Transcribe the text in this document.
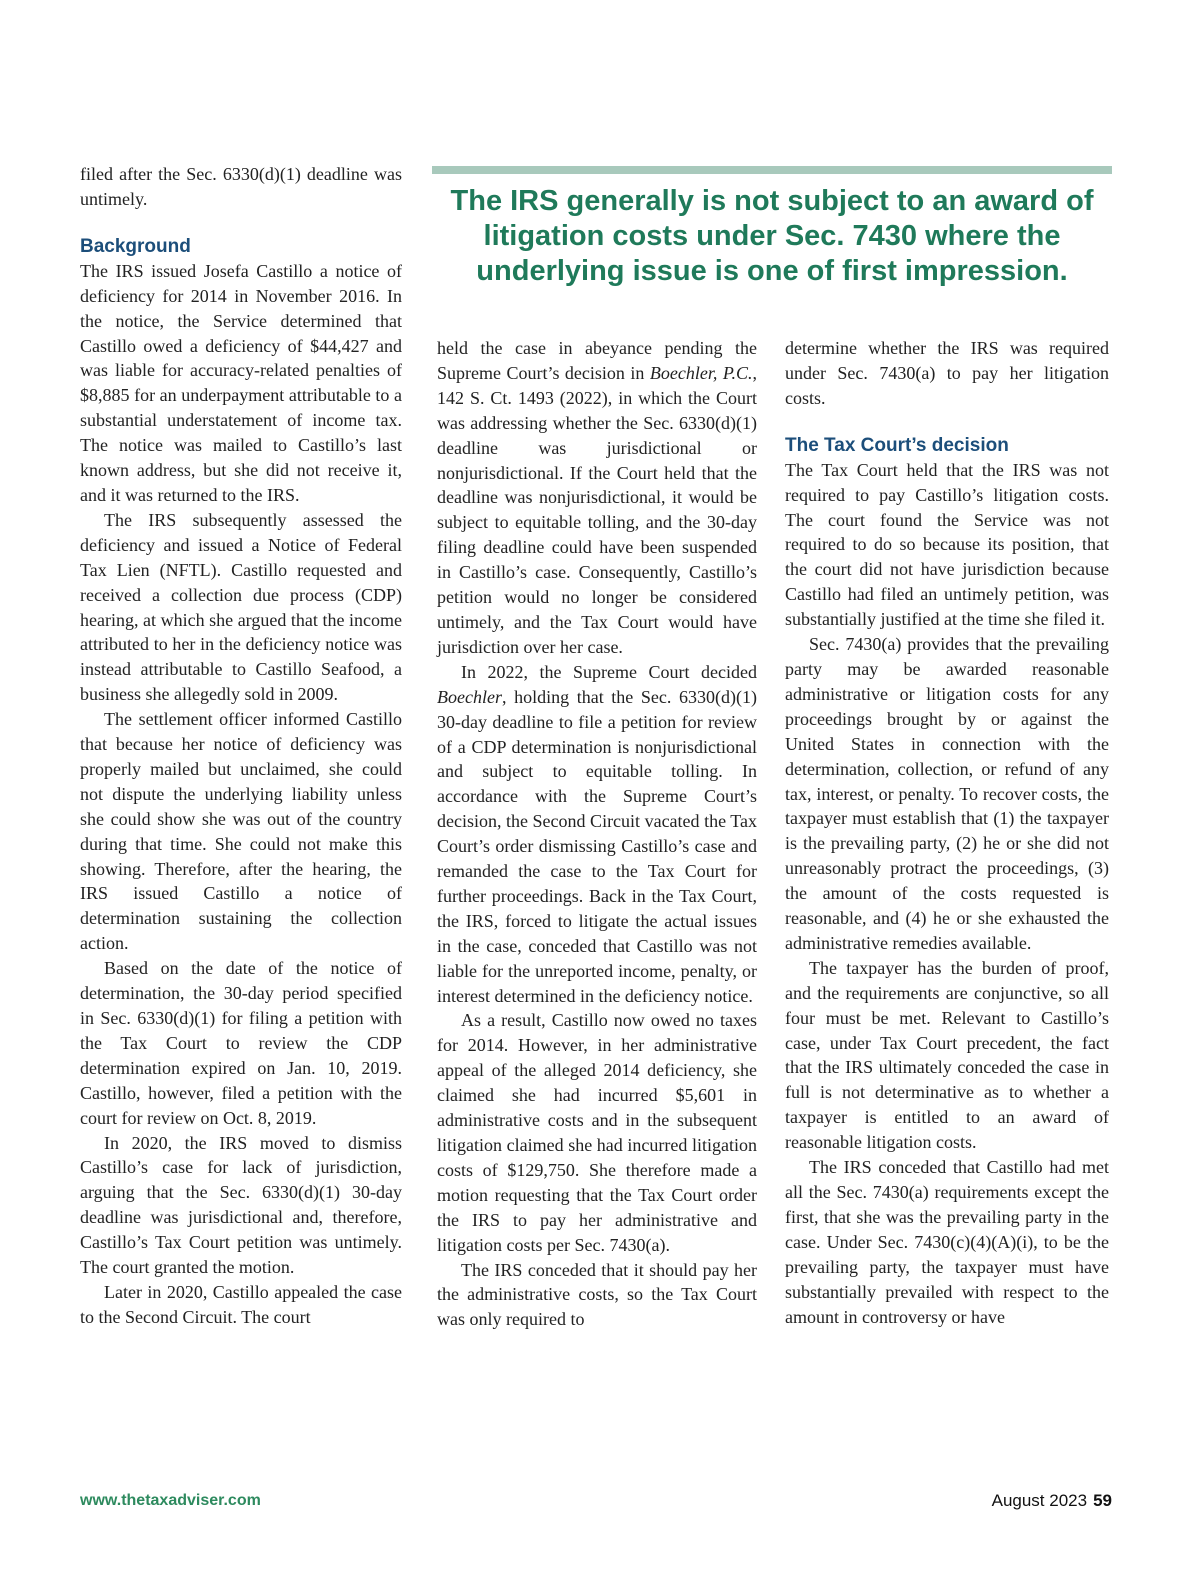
filed after the Sec. 6330(d)(1) deadline was untimely.

Background

The IRS issued Josefa Castillo a notice of deficiency for 2014 in November 2016. In the notice, the Service determined that Castillo owed a deficiency of $44,427 and was liable for accuracy-related penalties of $8,885 for an underpayment attributable to a substantial understatement of income tax. The notice was mailed to Castillo’s last known address, but she did not receive it, and it was returned to the IRS.

The IRS subsequently assessed the deficiency and issued a Notice of Federal Tax Lien (NFTL). Castillo requested and received a collection due process (CDP) hearing, at which she argued that the income attributed to her in the deficiency notice was instead attributable to Castillo Seafood, a business she allegedly sold in 2009.

The settlement officer informed Castillo that because her notice of deficiency was properly mailed but unclaimed, she could not dispute the underlying liability unless she could show she was out of the country during that time. She could not make this showing. Therefore, after the hearing, the IRS issued Castillo a notice of determination sustaining the collection action.

Based on the date of the notice of determination, the 30-day period specified in Sec. 6330(d)(1) for filing a petition with the Tax Court to review the CDP determination expired on Jan. 10, 2019. Castillo, however, filed a petition with the court for review on Oct. 8, 2019.

In 2020, the IRS moved to dismiss Castillo’s case for lack of jurisdiction, arguing that the Sec. 6330(d)(1) 30-day deadline was jurisdictional and, therefore, Castillo’s Tax Court petition was untimely. The court granted the motion.

Later in 2020, Castillo appealed the case to the Second Circuit. The court

The IRS generally is not subject to an award of litigation costs under Sec. 7430 where the underlying issue is one of first impression.

held the case in abeyance pending the Supreme Court’s decision in Boechler, P.C., 142 S. Ct. 1493 (2022), in which the Court was addressing whether the Sec. 6330(d)(1) deadline was jurisdictional or nonjurisdictional. If the Court held that the deadline was nonjurisdictional, it would be subject to equitable tolling, and the 30-day filing deadline could have been suspended in Castillo’s case. Consequently, Castillo’s petition would no longer be considered untimely, and the Tax Court would have jurisdiction over her case.

In 2022, the Supreme Court decided Boechler, holding that the Sec. 6330(d)(1) 30-day deadline to file a petition for review of a CDP determination is nonjurisdictional and subject to equitable tolling. In accordance with the Supreme Court’s decision, the Second Circuit vacated the Tax Court’s order dismissing Castillo’s case and remanded the case to the Tax Court for further proceedings. Back in the Tax Court, the IRS, forced to litigate the actual issues in the case, conceded that Castillo was not liable for the unreported income, penalty, or interest determined in the deficiency notice.

As a result, Castillo now owed no taxes for 2014. However, in her administrative appeal of the alleged 2014 deficiency, she claimed she had incurred $5,601 in administrative costs and in the subsequent litigation claimed she had incurred litigation costs of $129,750. She therefore made a motion requesting that the Tax Court order the IRS to pay her administrative and litigation costs per Sec. 7430(a).

The IRS conceded that it should pay her the administrative costs, so the Tax Court was only required to

determine whether the IRS was required under Sec. 7430(a) to pay her litigation costs.

The Tax Court’s decision

The Tax Court held that the IRS was not required to pay Castillo’s litigation costs. The court found the Service was not required to do so because its position, that the court did not have jurisdiction because Castillo had filed an untimely petition, was substantially justified at the time she filed it.

Sec. 7430(a) provides that the prevailing party may be awarded reasonable administrative or litigation costs for any proceedings brought by or against the United States in connection with the determination, collection, or refund of any tax, interest, or penalty. To recover costs, the taxpayer must establish that (1) the taxpayer is the prevailing party, (2) he or she did not unreasonably protract the proceedings, (3) the amount of the costs requested is reasonable, and (4) he or she exhausted the administrative remedies available.

The taxpayer has the burden of proof, and the requirements are conjunctive, so all four must be met. Relevant to Castillo’s case, under Tax Court precedent, the fact that the IRS ultimately conceded the case in full is not determinative as to whether a taxpayer is entitled to an award of reasonable litigation costs.

The IRS conceded that Castillo had met all the Sec. 7430(a) requirements except the first, that she was the prevailing party in the case. Under Sec. 7430(c)(4)(A)(i), to be the prevailing party, the taxpayer must have substantially prevailed with respect to the amount in controversy or have

www.thetaxadviser.com	August 2023 59
